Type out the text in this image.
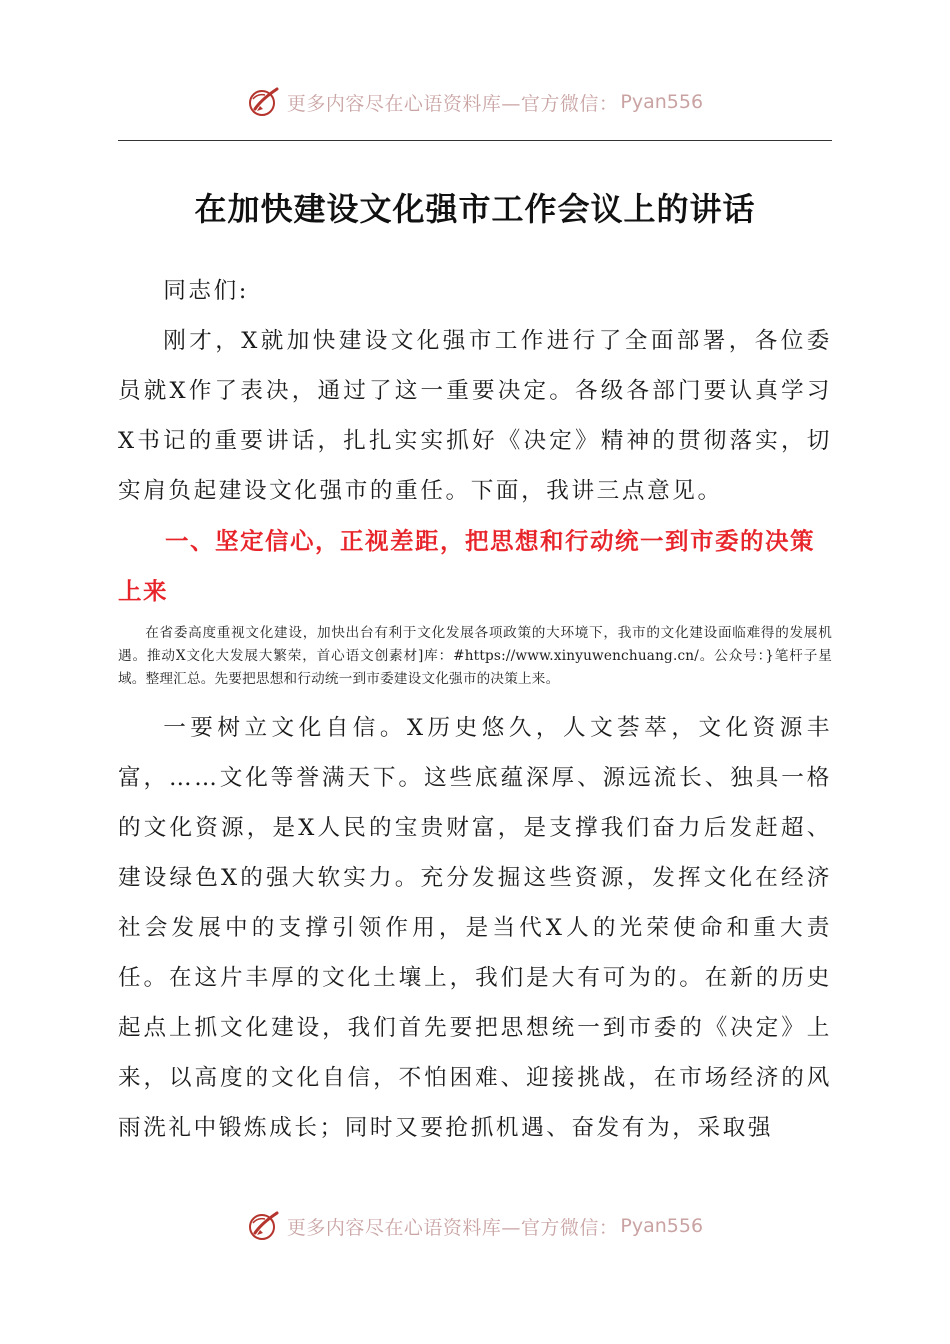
更多内容尽在心语资料库—官方微信： Pyan556
在加快建设文化强市工作会议上的讲话

同志们:

刚才，X就加快建设文化强市工作进行了全面部署，各位委员就X作了表决，通过了这一重要决定。各级各部门要认真学习X书记的重要讲话，扎扎实实抓好《决定》精神的贯彻落实，切实肩负起建设文化强市的重任。下面，我讲三点意见。

一、坚定信心，正视差距，把思想和行动统一到市委的决策上来

在省委高度重视文化建设，加快出台有利于文化发展各项政策的大环境下，我市的文化建设面临难得的发展机遇。推动X文化大发展大繁荣，首心语文创素材]库：#https://www.xinyuwenchuang.cn/。公众号：}笔杆子星域。整理汇总。先要把思想和行动统一到市委建设文化强市的决策上来。

一要树立文化自信。X历史悠久，人文荟萃，文化资源丰富，……文化等誉满天下。这些底蕴深厚、源远流长、独具一格的文化资源，是X人民的宝贵财富，是支撑我们奋力后发赶超、建设绿色X的强大软实力。充分发掘这些资源，发挥文化在经济社会发展中的支撑引领作用，是当代X人的光荣使命和重大责任。在这片丰厚的文化土壤上，我们是大有可为的。在新的历史起点上抓文化建设，我们首先要把思想统一到市委的《决定》上来，以高度的文化自信，不怕困难、迎接挑战，在市场经济的风雨洗礼中锻炼成长；同时又要抢抓机遇、奋发有为，采取强

更多内容尽在心语资料库—官方微信： Pyan556
